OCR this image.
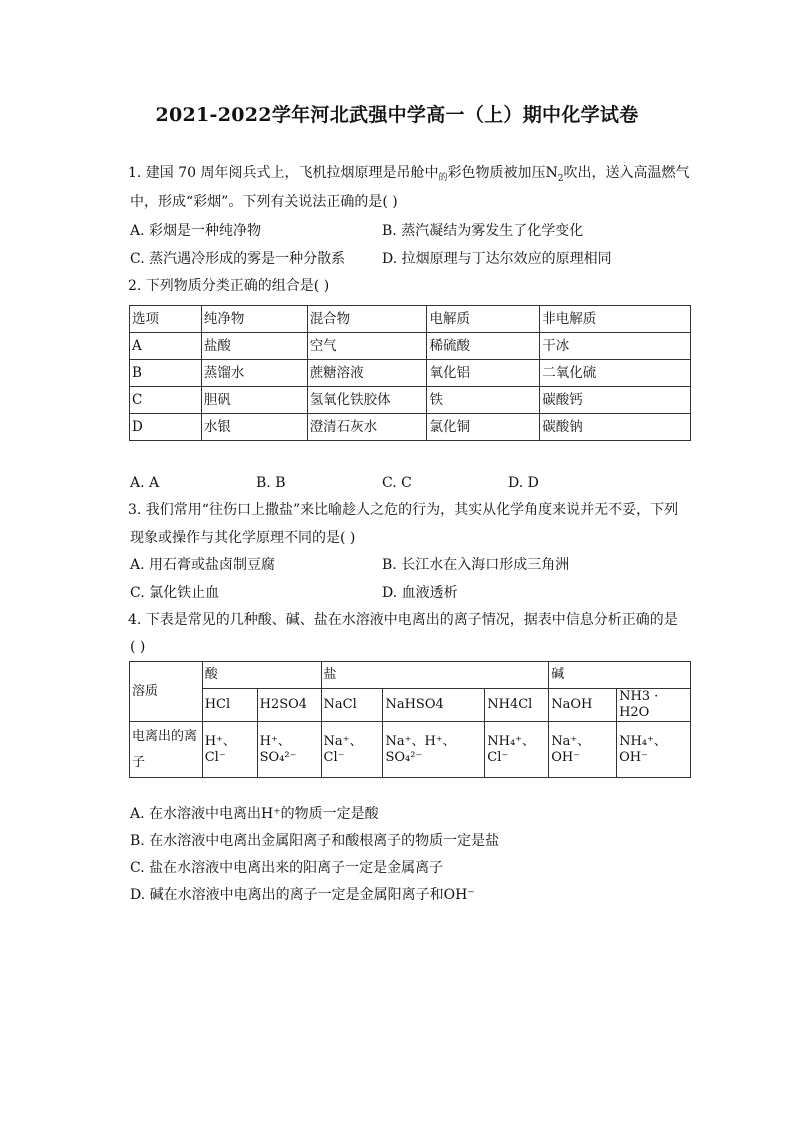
2021-2022学年河北武强中学高一（上）期中化学试卷
1. 建国 70 周年阅兵式上，飞机拉烟原理是吊舱中$_的$彩色物质被加压$N_2$吹出，送入高温燃气
中，形成“彩烟”。下列有关说法正确的是( )
A. 彩烟是一种纯净物	B. 蒸汽凝结为雾发生了化学变化
C. 蒸汽遇冷形成的雾是一种分散系	D. 拉烟原理与丁达尔效应的原理相同
2. 下列物质分类正确的组合是( )
选项	纯净物	混合物	电解质	非电解质
A	盐酸	空气	稀硫酸	干冰
B	蒸馏水	蔗糖溶液	氧化铝	二氧化硫
C	胆矾	氢氧化铁胶体	铁	碳酸钙
D	水银	澄清石灰水	氯化铜	碳酸钠
A. A	B. B	C. C	D. D
3. 我们常用“往伤口上撒盐”来比喻趁人之危的行为，其实从化学角度来说并无不妥，下列
现象或操作与其化学原理不同的是( )
A. 用石膏或盐卤制豆腐	B. 长江水在入海口形成三角洲
C. 氯化铁止血	D. 血液透析
4. 下表是常见的几种酸、碱、盐在水溶液中电离出的离子情况，据表中信息分析正确的是
( )
溶质	酸		盐			碱	
	HCl	H2SO4	NaCl	NaHSO4	NH4Cl	NaOH	NH3 · H2O

电离出的离
子	H⁺、Cl⁻	H⁺、 SO₄²⁻	Na⁺、Cl⁻	Na⁺、H⁺、 SO₄²⁻	NH₄⁺、Cl⁻	Na⁺、OH⁻	NH₄⁺、OH⁻
A. 在水溶液中电离出H⁺的物质一定是酸
B. 在水溶液中电离出金属阳离子和酸根离子的物质一定是盐
C. 盐在水溶液中电离出来的阳离子一定是金属离子
D. 碱在水溶液中电离出的离子一定是金属阳离子和OH⁻
